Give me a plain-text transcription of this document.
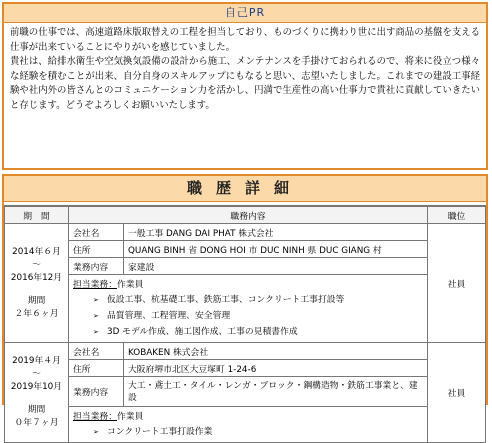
自己PR

前職の仕事では、高速道路床版取替えの工程を担当しており、ものづくりに携わり世に出す商品の基盤を支える仕事が出来ていることにやりがいを感じていました。

貴社は、給排水衛生や空気換気設備の設計から施工、メンテナンスを手掛けておられるので、将来に役立つ様々な経験を積むことが出来、自分自身のスキルアップにもなると思い、志望いたしました。これまでの建設工事経験や社内外の皆さんとのコミュニケーション力を活かし、円満で生産性の高い仕事力で貴社に貢献していきたいと存じます。どうぞよろしくお願いいたします。

職歴詳細
期　間	職務内容		職位

2014年６月
～
2016年12月
期間
２年６ヶ月	会社名	一般工事 DANG DAI PHAT 株式会社	社員
	住所	QUANG BINH 省 DONG HOI 市 DUC NINH 県 DUC GIANG 村	
	業務内容	家建設	

	担当業務：作業員
➢ 仮設工事、杭基礎工事、鉄筋工事、コンクリート工事打設等
➢ 品質管理、工程管理、安全管理
➢ 3D モデル作成、施工図作成、工事の見積書作成		

2019年４月
～
2019年10月
期間
０年７ヶ月	会社名	KOBAKEN 株式会社	社員
	住所	大阪府堺市北区大豆塚町 1-24-6	
	業務内容	大工・鳶土工・タイル・レンガ・ブロック・鋼構造物・鉄筋工事業と、建設	

	担当業務：作業員
➢ コンクリート工事打設作業		
